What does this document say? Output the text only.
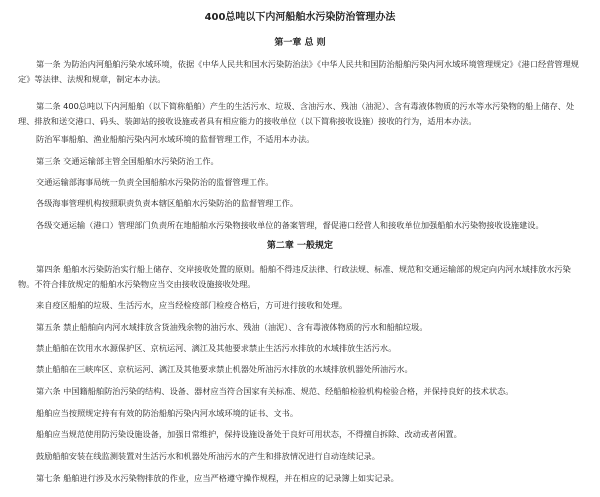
400总吨以下内河船舶水污染防治管理办法
第一章 总 则

第一条 为防治内河船舶污染水域环境，依据《中华人民共和国水污染防治法》《中华人民共和国防治船舶污染内河水域环境管理规定》《港口经营管理规定》等法律、法规和规章，制定本办法。

第二条 400总吨以下内河船舶（以下简称船舶）产生的生活污水、垃圾、含油污水、残油（油泥）、含有毒液体物质的污水等水污染物的船上储存、处理、排放和送交港口、码头、装卸站的接收设施或者具有相应能力的接收单位（以下简称接收设施）接收的行为，适用本办法。

防治军事船舶、渔业船舶污染内河水域环境的监督管理工作，不适用本办法。

第三条 交通运输部主管全国船舶水污染防治工作。

交通运输部海事局统一负责全国船舶水污染防治的监督管理工作。

各级海事管理机构按照职责负责本辖区船舶水污染防治的监督管理工作。

各级交通运输（港口）管理部门负责所在地船舶水污染物接收单位的备案管理，督促港口经营人和接收单位加强船舶水污染物接收设施建设。

第二章 一般规定

第四条 船舶水污染防治实行船上储存、交岸接收处置的原则。船舶不得违反法律、行政法规、标准、规范和交通运输部的规定向内河水域排放水污染物。不符合排放规定的船舶水污染物应当交由接收设施接收处理。

来自疫区船舶的垃圾、生活污水，应当经检疫部门检疫合格后，方可进行接收和处理。

第五条 禁止船舶向内河水域排放含货油残余物的油污水、残油（油泥）、含有毒液体物质的污水和船舶垃圾。

禁止船舶在饮用水水源保护区、京杭运河、漓江及其他要求禁止生活污水排放的水域排放生活污水。

禁止船舶在三峡库区、京杭运河、漓江及其他要求禁止机器处所油污水排放的水域排放机器处所油污水。

第六条 中国籍船舶防治污染的结构、设备、器材应当符合国家有关标准、规范、经船舶检验机构检验合格，并保持良好的技术状态。

船舶应当按照规定持有有效的防治船舶污染内河水域环境的证书、文书。

船舶应当规范使用防污染设施设备，加强日常维护，保持设施设备处于良好可用状态，不得擅自拆除、改动或者闲置。

鼓励船舶安装在线监测装置对生活污水和机器处所油污水的产生和排放情况进行自动连续记录。

第七条 船舶进行涉及水污染物排放的作业，应当严格遵守操作规程，并在相应的记录簿上如实记录。
